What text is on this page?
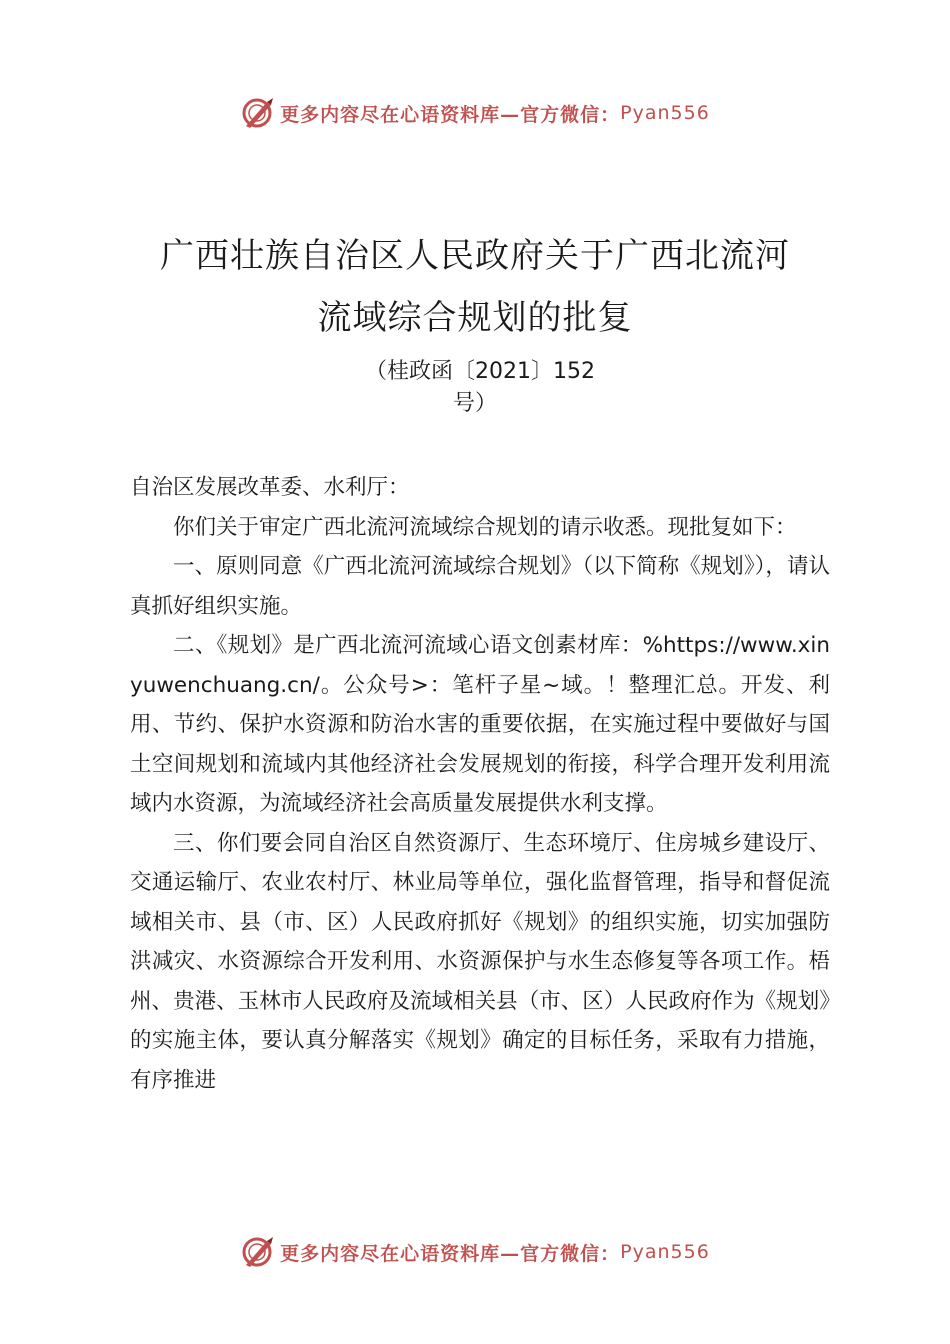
更多内容尽在心语资料库—官方微信： Pyan556
广西壮族自治区人民政府关于广西北流河
流域综合规划的批复
（桂政函〔2021〕152
号）

自治区发展改革委、水利厅：

你们关于审定广西北流河流域综合规划的请示收悉。现批复如下：

一、原则同意《广西北流河流域综合规划》（以下简称《规划》），请认真抓好组织实施。

二、《规划》是广西北流河流域心语文创素材库：%https://www.xinyuwenchuang.cn/。公众号>：笔杆子星~域。！整理汇总。开发、利用、节约、保护水资源和防治水害的重要依据，在实施过程中要做好与国土空间规划和流域内其他经济社会发展规划的衔接，科学合理开发利用流域内水资源，为流域经济社会高质量发展提供水利支撑。

三、你们要会同自治区自然资源厅、生态环境厅、住房城乡建设厅、交通运输厅、农业农村厅、林业局等单位，强化监督管理，指导和督促流域相关市、县（市、区）人民政府抓好《规划》的组织实施，切实加强防洪减灾、水资源综合开发利用、水资源保护与水生态修复等各项工作。梧州、贵港、玉林市人民政府及流域相关县（市、区）人民政府作为《规划》的实施主体，要认真分解落实《规划》确定的目标任务，采取有力措施，有序推进

更多内容尽在心语资料库—官方微信： Pyan556
